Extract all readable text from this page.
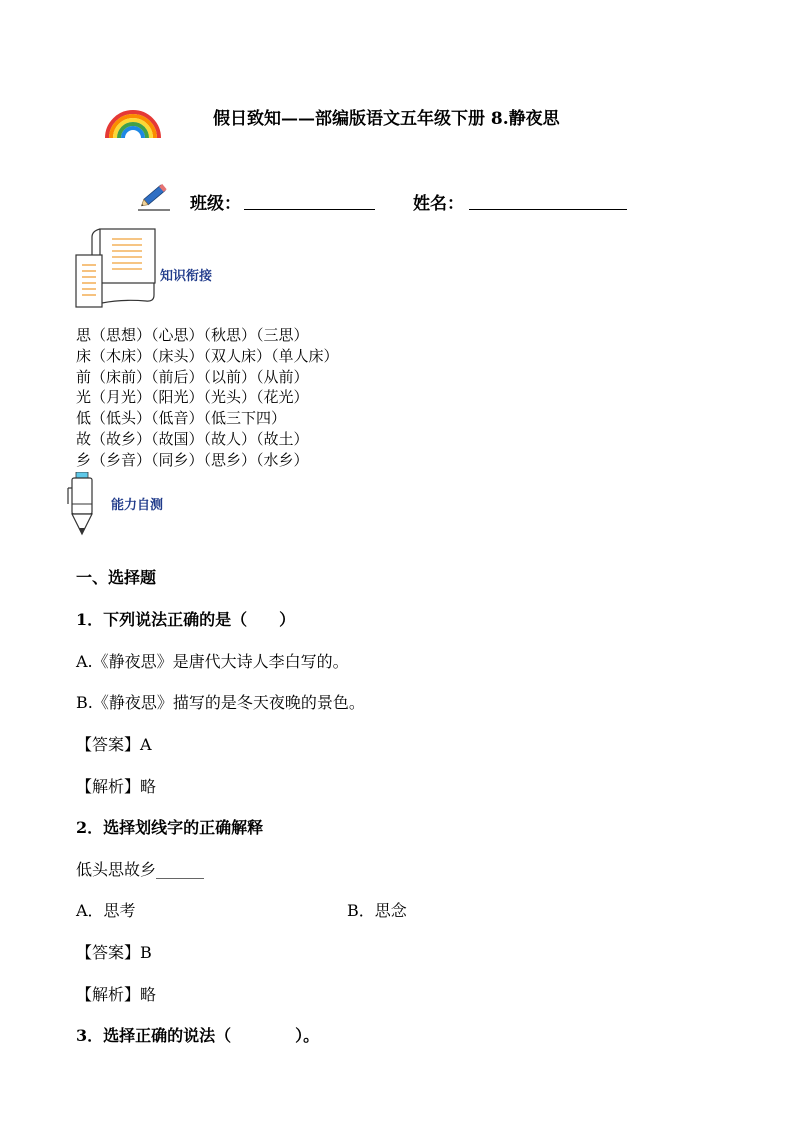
假日致知——部编版语文五年级下册 8.静夜思
班级：	姓名：
知识衔接
思（思想）（心思）（秋思）（三思）
床（木床）（床头）（双人床）（单人床）
前（床前）（前后）（以前）（从前）
光（月光）（阳光）（光头）（花光）
低（低头）（低音）（低三下四）
故（故乡）（故国）（故人）（故土）
乡（乡音）（同乡）（思乡）（水乡）
能力自测
一、选择题
1．下列说法正确的是（　　）
A.《静夜思》是唐代大诗人李白写的。
B.《静夜思》描写的是冬天夜晚的景色。
【答案】A
【解析】略
2．选择划线字的正确解释
低头思故乡______
A．思考	B．思念
【答案】B
【解析】略
3．选择正确的说法（　　　　）。
